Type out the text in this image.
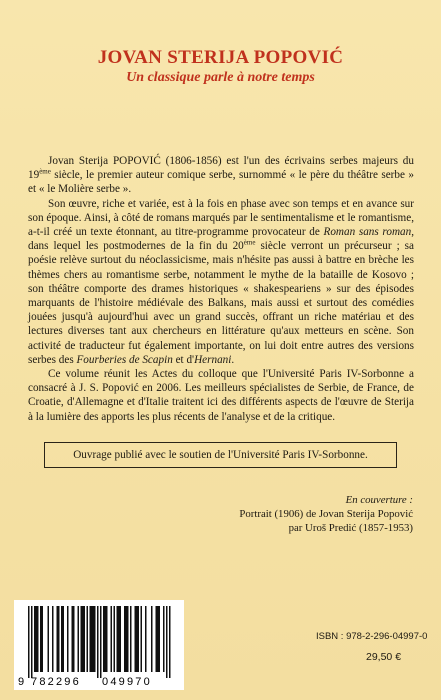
JOVAN STERIJA POPOVIĆ
Un classique parle à notre temps

Jovan Sterija POPOVIĆ (1806-1856) est l'un des écrivains serbes majeurs du 19ème siècle, le premier auteur comique serbe, surnommé « le père du théâtre serbe » et « le Molière serbe ».

Son œuvre, riche et variée, est à la fois en phase avec son temps et en avance sur son époque. Ainsi, à côté de romans marqués par le sentimentalisme et le romantisme, a-t-il créé un texte étonnant, au titre-programme provocateur de Roman sans roman, dans lequel les postmodernes de la fin du 20ème siècle verront un précurseur ; sa poésie relève surtout du néoclassicisme, mais n'hésite pas aussi à battre en brèche les thèmes chers au romantisme serbe, notamment le mythe de la bataille de Kosovo ; son théâtre comporte des drames historiques « shakespeariens » sur des épisodes marquants de l'histoire médiévale des Balkans, mais aussi et surtout des comédies jouées jusqu'à aujourd'hui avec un grand succès, offrant un riche matériau et des lectures diverses tant aux chercheurs en littérature qu'aux metteurs en scène. Son activité de traducteur fut également importante, on lui doit entre autres des versions serbes des Fourberies de Scapin et d'Hernani.

Ce volume réunit les Actes du colloque que l'Université Paris IV-Sorbonne a consacré à J. S. Popović en 2006. Les meilleurs spécialistes de Serbie, de France, de Croatie, d'Allemagne et d'Italie traitent ici des différents aspects de l'œuvre de Sterija à la lumière des apports les plus récents de l'analyse et de la critique.

Ouvrage publié avec le soutien de l'Université Paris IV-Sorbonne.
En couverture :
Portrait (1906) de Jovan Sterija Popović
par Uroš Predić (1857-1953)
9 782296 049970
ISBN : 978-2-296-04997-0
29,50 €
